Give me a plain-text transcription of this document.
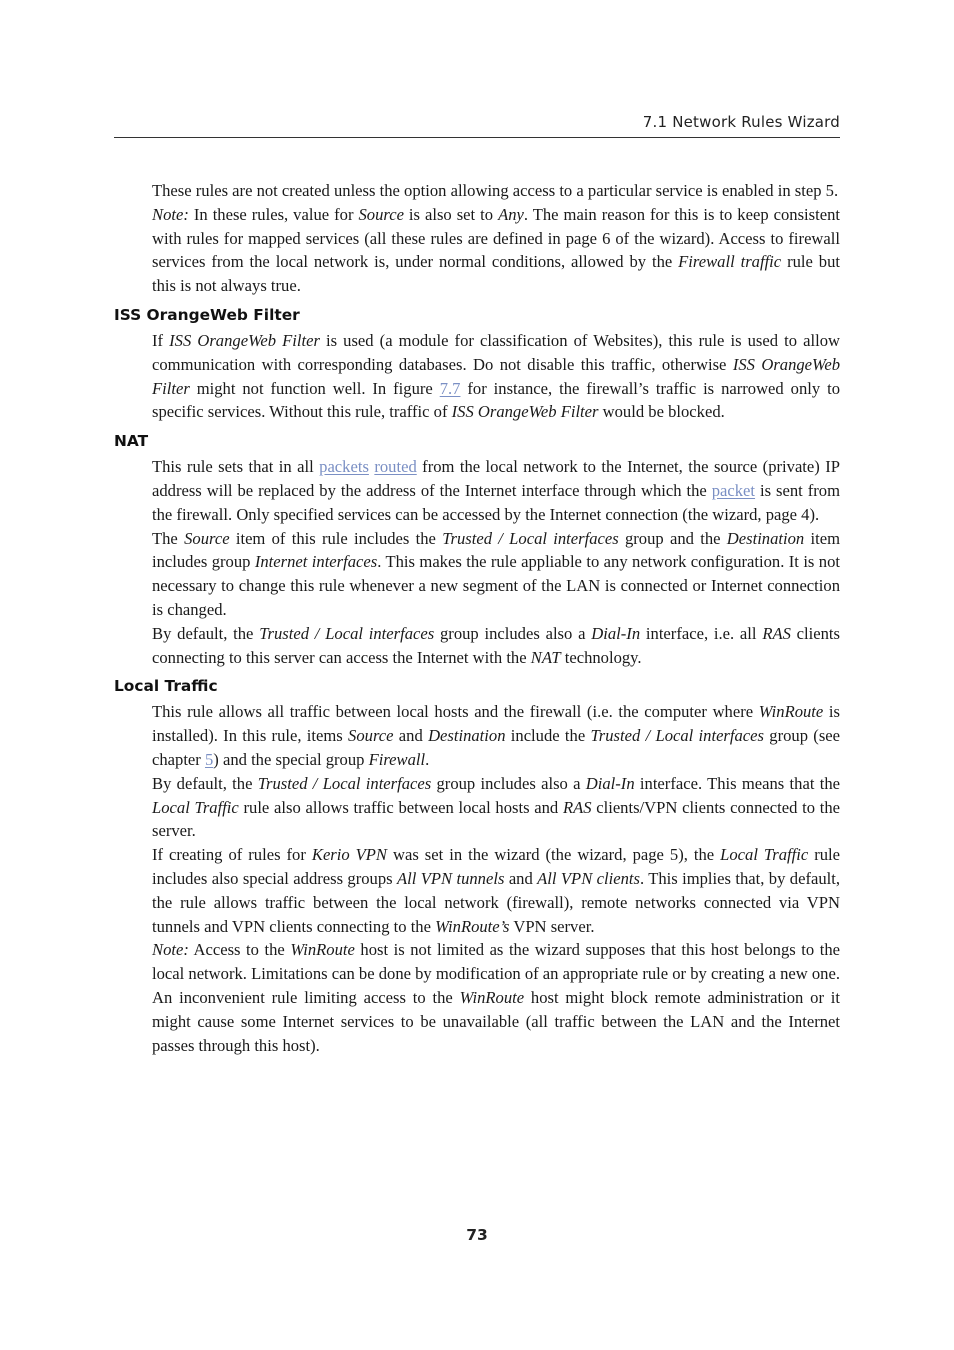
7.1 Network Rules Wizard

These rules are not created unless the option allowing access to a particular service is enabled in step 5.

Note: In these rules, value for Source is also set to Any. The main reason for this is to keep consistent with rules for mapped services (all these rules are defined in page 6 of the wizard). Access to firewall services from the local network is, under normal conditions, allowed by the Firewall traffic rule but this is not always true.

ISS OrangeWeb Filter

If ISS OrangeWeb Filter is used (a module for classification of Websites), this rule is used to allow communication with corresponding databases. Do not disable this traffic, otherwise ISS OrangeWeb Filter might not function well. In figure 7.7 for instance, the firewall’s traffic is narrowed only to specific services. Without this rule, traffic of ISS OrangeWeb Filter would be blocked.

NAT

This rule sets that in all packets routed from the local network to the Internet, the source (private) IP address will be replaced by the address of the Internet interface through which the packet is sent from the firewall. Only specified services can be accessed by the Internet connection (the wizard, page 4).

The Source item of this rule includes the Trusted / Local interfaces group and the Destination item includes group Internet interfaces. This makes the rule appliable to any network configuration. It is not necessary to change this rule whenever a new segment of the LAN is connected or Internet connection is changed.

By default, the Trusted / Local interfaces group includes also a Dial-In interface, i.e. all RAS clients connecting to this server can access the Internet with the NAT technology.

Local Traffic

This rule allows all traffic between local hosts and the firewall (i.e. the computer where WinRoute is installed). In this rule, items Source and Destination include the Trusted / Local interfaces group (see chapter 5) and the special group Firewall.

By default, the Trusted / Local interfaces group includes also a Dial-In interface. This means that the Local Traffic rule also allows traffic between local hosts and RAS clients/VPN clients connected to the server.

If creating of rules for Kerio VPN was set in the wizard (the wizard, page 5), the Local Traffic rule includes also special address groups All VPN tunnels and All VPN clients. This implies that, by default, the rule allows traffic between the local network (firewall), remote networks connected via VPN tunnels and VPN clients connecting to the WinRoute’s VPN server.

Note: Access to the WinRoute host is not limited as the wizard supposes that this host belongs to the local network. Limitations can be done by modification of an appropriate rule or by creating a new one. An inconvenient rule limiting access to the WinRoute host might block remote administration or it might cause some Internet services to be unavailable (all traffic between the LAN and the Internet passes through this host).

73
